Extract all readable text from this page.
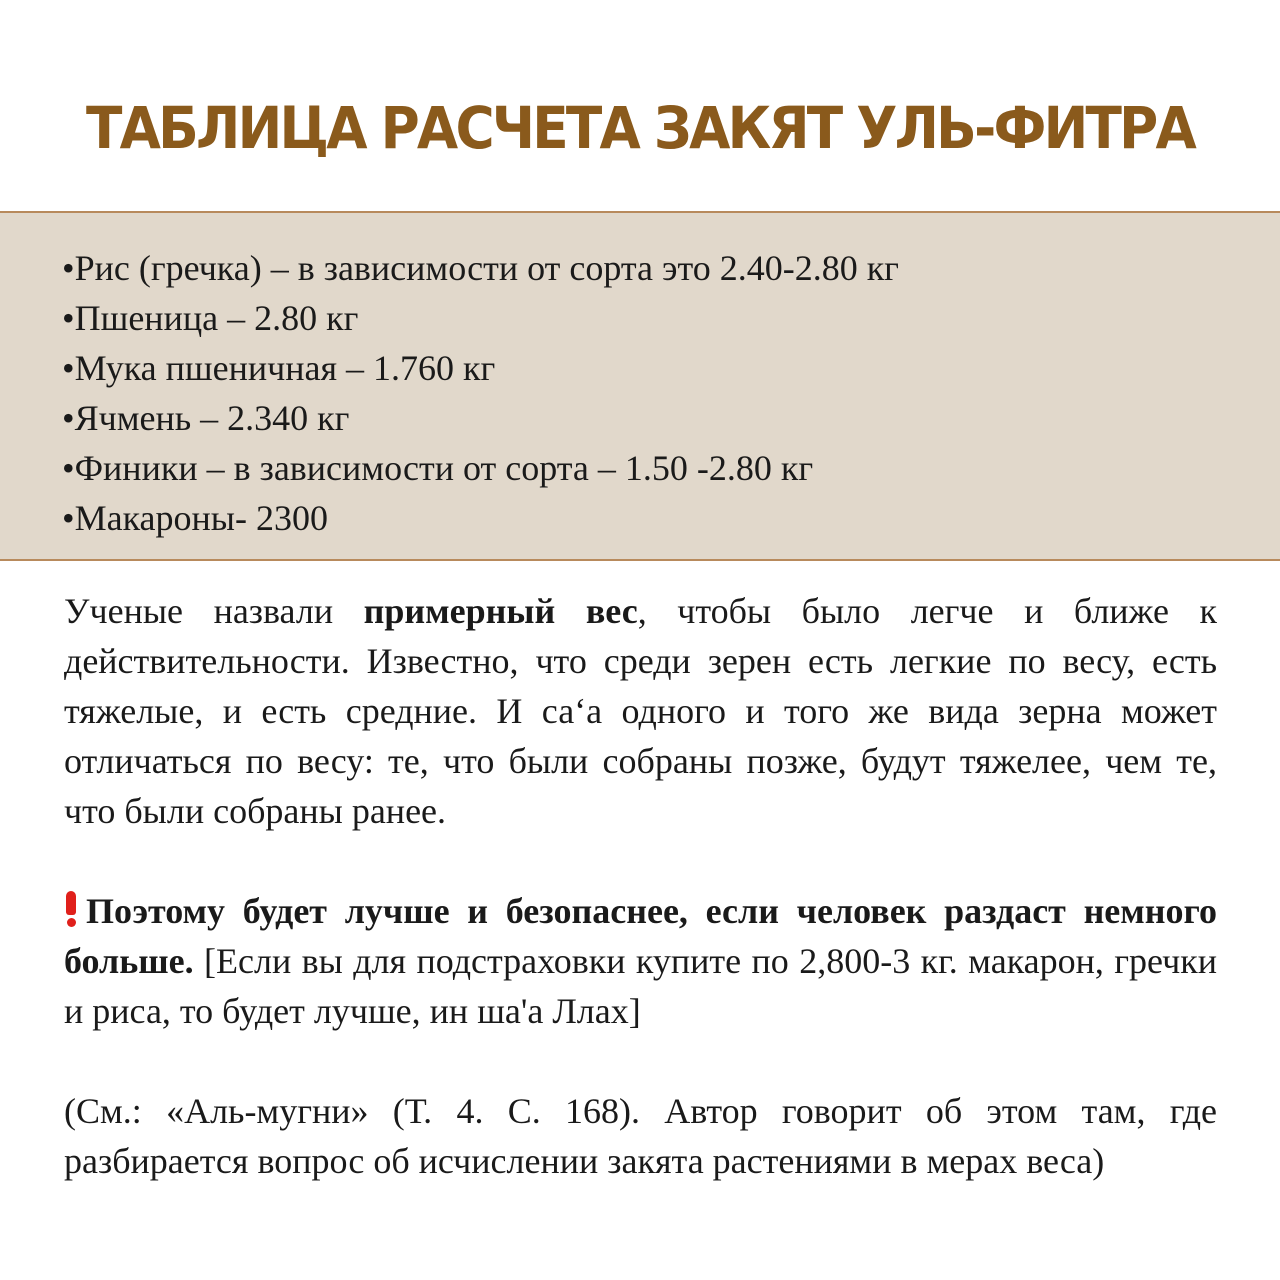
ТАБЛИЦА РАСЧЕТА ЗАКЯТ УЛЬ-ФИТРА
•Рис (гречка) – в зависимости от сорта это 2.40-2.80 кг
•Пшеница – 2.80 кг
•Мука пшеничная – 1.760 кг
•Ячмень – 2.340 кг
•Финики – в зависимости от сорта – 1.50 -2.80 кг
•Макароны- 2300

Ученые назвали примерный вес, чтобы было легче и ближе к действительности. Известно, что среди зерен есть легкие по весу, есть тяжелые, и есть средние. И са‘а одного и того же вида зерна может отличаться по весу: те, что были собраны позже, будут тяжелее, чем те, что были собраны ранее.

Поэтому будет лучше и безопаснее, если человек раздаст немного больше. [Если вы для подстраховки купите по 2,800-3 кг. макарон, гречки и риса, то будет лучше, ин ша'а Ллах]

(См.: «Аль-мугни» (Т. 4. С. 168). Автор говорит об этом там, где разбирается вопрос об исчислении закята растениями в мерах веса)
